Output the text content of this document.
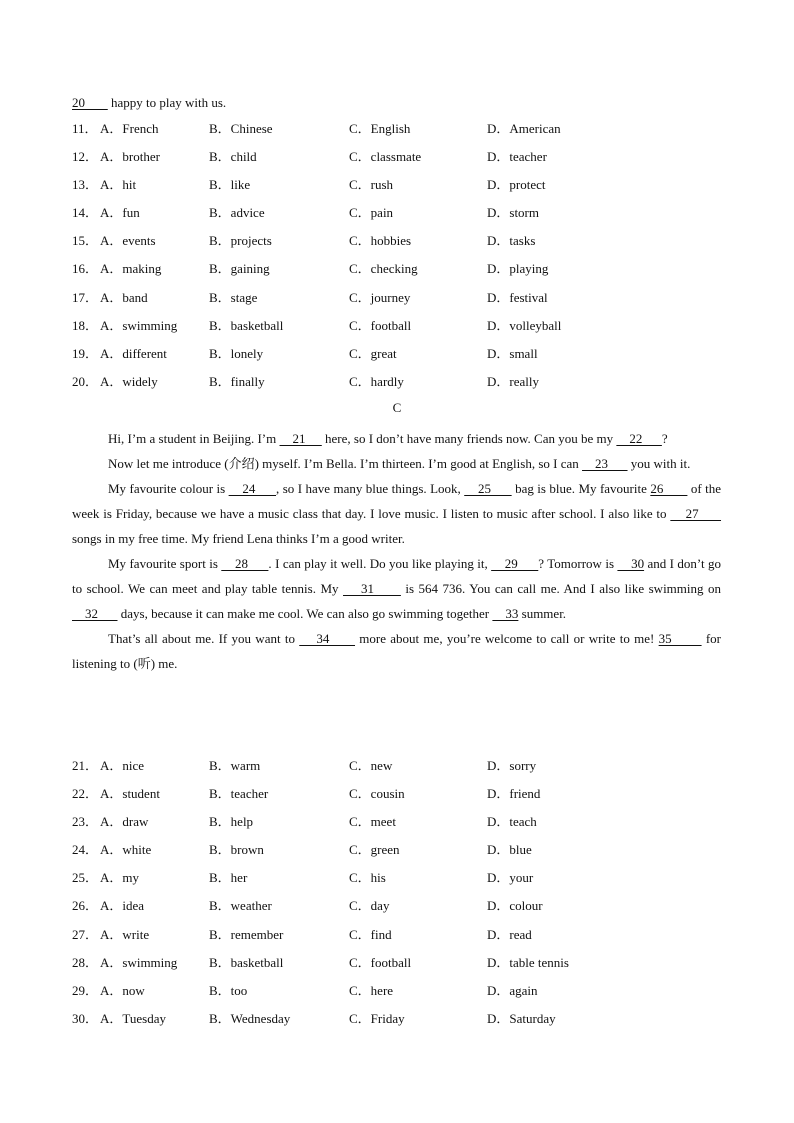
20        happy to play with us.
11． A．French	B．Chinese	C．English	D．American
12． A．brother	B．child	C．classmate	D．teacher
13． A．hit	B．like	C．rush	D．protect
14． A．fun	B．advice	C．pain	D．storm
15． A．events	B．projects	C．hobbies	D．tasks
16． A．making	B．gaining	C．checking	D．playing
17． A．band	B．stage	C．journey	D．festival
18． A．swimming B．basketball	C．football	D．volleyball
19． A．different	B．lonely	C．great	D．small
20． A．widely	B．finally	C．hardly	D．really
C

Hi, I’m a student in Beijing. I’m     21      here, so I don’t have many friends now. Can you be my     22      ?

Now let me introduce (介绍) myself. I’m Bella. I’m thirteen. I’m good at English, so I can     23       you with it.

My favourite colour is     24      , so I have many blue things. Look,     25       bag is blue. My favourite 26        of the week is Friday, because we have a music class that day. I love music. I listen to music after school. I also like to     27       songs in my free time. My friend Lena thinks I’m a good writer.

My favourite sport is     28      . I can play it well. Do you like playing it,     29      ? Tomorrow is     30 and I don’t go to school. We can meet and play table tennis. My     31       is 564 736. You can call me. And I also like swimming on     32       days, because it can make me cool. We can also go swimming together     33 summer.

That’s all about me. If you want to     34       more about me, you’re welcome to call or write to me! 35        for listening to (听) me.

21． A．nice	B．warm	C．new	D．sorry
22． A．student	B．teacher	C．cousin	D．friend
23． A．draw	B．help	C．meet	D．teach
24． A．white	B．brown	C．green	D．blue
25． A．my	B．her	C．his	D．your
26． A．idea	B．weather	C．day	D．colour
27． A．write	B．remember	C．find	D．read
28． A．swimming B．basketball	C．football	D．table tennis
29． A．now	B．too	C．here	D．again
30． A．Tuesday	B．Wednesday	C．Friday	D．Saturday
